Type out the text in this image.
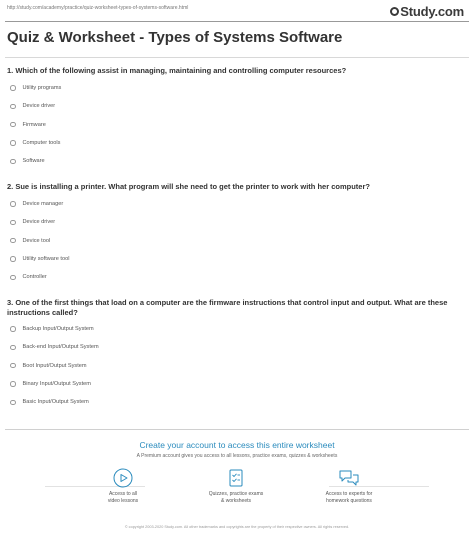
http://study.com/academy/practice/quiz-worksheet-types-of-systems-software.html	Study.com
Quiz & Worksheet - Types of Systems Software

1. Which of the following assist in managing, maintaining and controlling computer resources?

Utility programs
Device driver
Firmware
Computer tools
Software

2. Sue is installing a printer. What program will she need to get the printer to work with her computer?

Device manager
Device driver
Device tool
Utility software tool
Controller

3. One of the first things that load on a computer are the firmware instructions that control input and output. What are these instructions called?

Backup Input/Output System
Back-end Input/Output System
Boot Input/Output System
Binary Input/Output System
Basic Input/Output System
Create your account to access this entire worksheet
A Premium account gives you access to all lessons, practice exams, quizzes & worksheets
Access to all
video lessons
Quizzes, practice exams
& worksheets
Access to experts for
homework questions
© copyright 2003-2020 Study.com. All other trademarks and copyrights are the property of their respective owners. All rights reserved.
